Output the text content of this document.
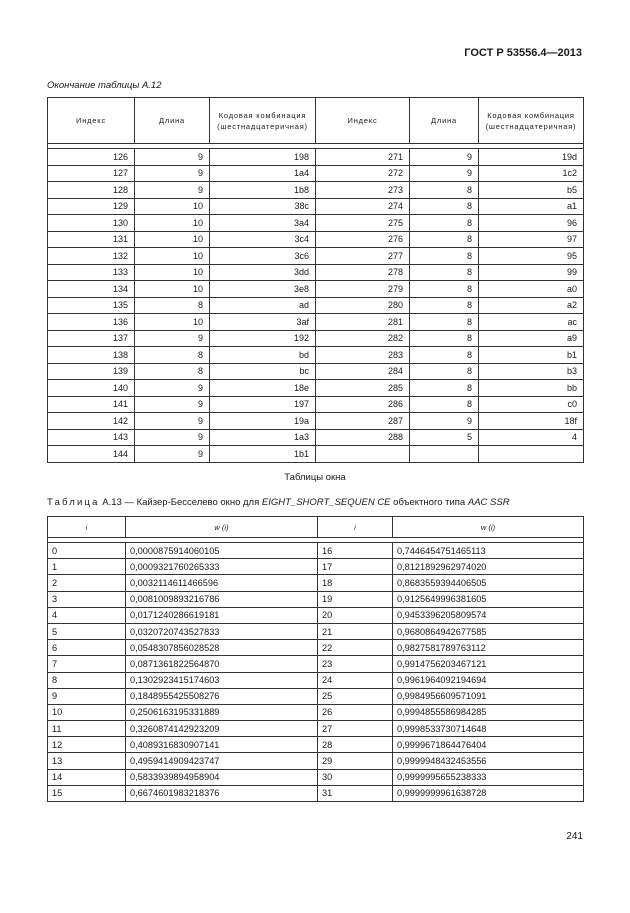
ГОСТ Р 53556.4—2013
Окончание таблицы А.12
Индекс	Длина	Кодовая комбинация (шестнадцатеричная)	Индекс	Длина	Кодовая комбинация (шестнадцатеричная)

126	9	198	271	9	19d
127	9	1a4	272	9	1c2
128	9	1b8	273	8	b5
129	10	38c	274	8	a1
130	10	3a4	275	8	96
131	10	3c4	276	8	97
132	10	3c6	277	8	95
133	10	3dd	278	8	99
134	10	3e8	279	8	a0
135	8	ad	280	8	a2
136	10	3af	281	8	ac
137	9	192	282	8	a9
138	8	bd	283	8	b1
139	8	bc	284	8	b3
140	9	18e	285	8	bb
141	9	197	286	8	c0
142	9	19a	287	9	18f
143	9	1a3	288	5	4
144	9	1b1			
Таблицы окна
Таблица А.13 — Кайзер-Бесселево окно для EIGHT_SHORT_SEQUEN CE объектного типа AAC SSR
i	w (i)	i	w (i)

0	0,0000875914060105	16	0,7446454751465113
1	0,0009321760265333	17	0,8121892962974020
2	0,0032114611466596	18	0,8683559394406505
3	0,0081009893216786	19	0,9125649996381605
4	0,0171240286619181	20	0,9453396205809574
5	0,0320720743527833	21	0,9680864942677585
6	0,0548307856028528	22	0,9827581789763112
7	0,0871361822564870	23	0,9914756203467121
8	0,1302923415174603	24	0,9961964092194694
9	0,1848955425508276	25	0,9984956609571091
10	0,2506163195331889	26	0,9994855586984285
11	0,3260874142923209	27	0,9998533730714648
12	0,4089316830907141	28	0,9999671864476404
13	0,4959414909423747	29	0,9999948432453556
14	0,5833939894958904	30	0,9999995655238333
15	0,6674601983218376	31	0,9999999961638728
241
